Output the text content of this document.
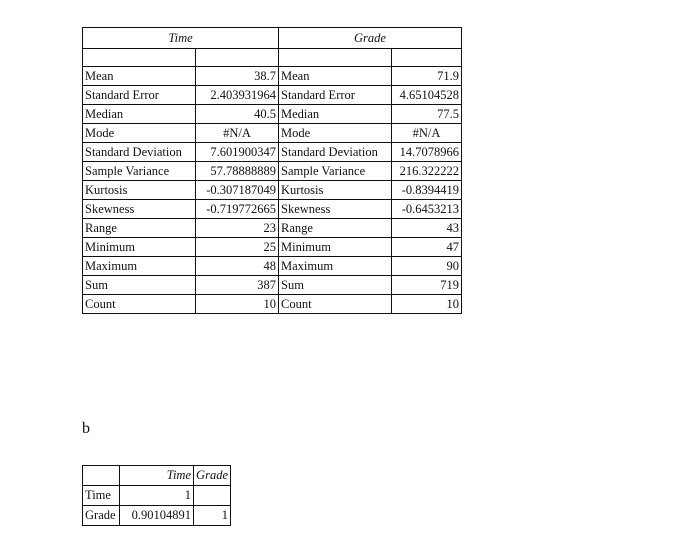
Time		Grade	

Mean	38.7	Mean	71.9
Standard Error	2.403931964	Standard Error	4.65104528
Median	40.5	Median	77.5
Mode	#N/A	Mode	#N/A
Standard Deviation	7.601900347	Standard Deviation	14.7078966
Sample Variance	57.78888889	Sample Variance	216.322222
Kurtosis	-0.307187049	Kurtosis	-0.8394419
Skewness	-0.719772665	Skewness	-0.6453213
Range	23	Range	43
Minimum	25	Minimum	47
Maximum	48	Maximum	90
Sum	387	Sum	719
Count	10	Count	10
b
	Time	Grade
Time	1	
Grade	0.90104891	1
